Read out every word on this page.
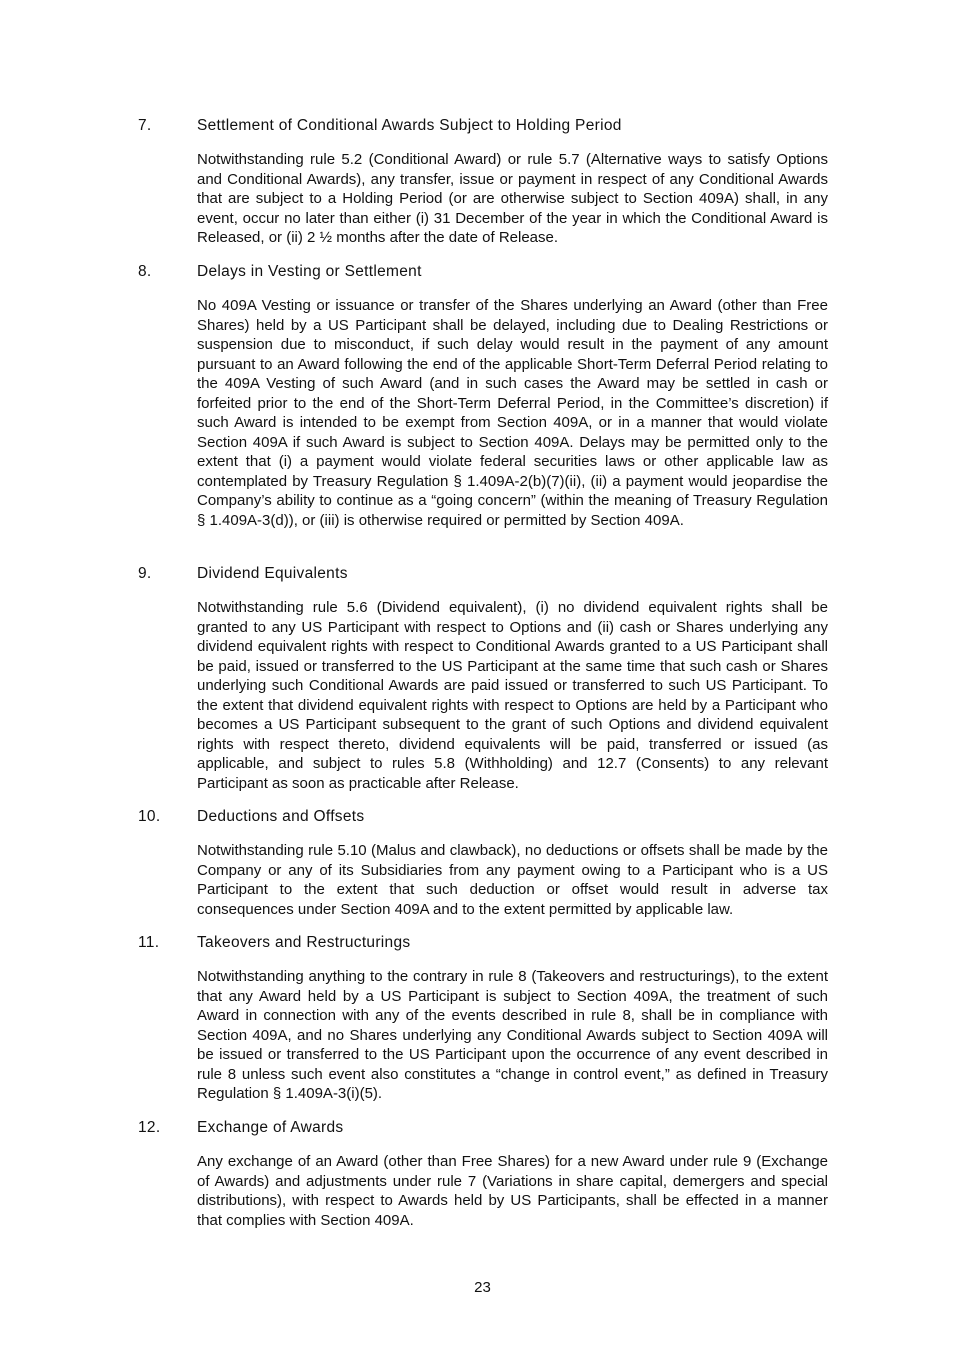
7.	Settlement of Conditional Awards Subject to Holding Period
Notwithstanding rule 5.2 (Conditional Award) or rule 5.7 (Alternative ways to satisfy Options and Conditional Awards), any transfer, issue or payment in respect of any Conditional Awards that are subject to a Holding Period (or are otherwise subject to Section 409A) shall, in any event, occur no later than either (i) 31 December of the year in which the Conditional Award is Released, or (ii) 2 ½ months after the date of Release.
8.	Delays in Vesting or Settlement
No 409A Vesting or issuance or transfer of the Shares underlying an Award (other than Free Shares) held by a US Participant shall be delayed, including due to Dealing Restrictions or suspension due to misconduct, if such delay would result in the payment of any amount pursuant to an Award following the end of the applicable Short-Term Deferral Period relating to the 409A Vesting of such Award (and in such cases the Award may be settled in cash or forfeited prior to the end of the Short-Term Deferral Period, in the Committee’s discretion) if such Award is intended to be exempt from Section 409A, or in a manner that would violate Section 409A if such Award is subject to Section 409A. Delays may be permitted only to the extent that (i) a payment would violate federal securities laws or other applicable law as contemplated by Treasury Regulation § 1.409A-2(b)(7)(ii), (ii) a payment would jeopardise the Company’s ability to continue as a “going concern” (within the meaning of Treasury Regulation § 1.409A-3(d)), or (iii) is otherwise required or permitted by Section 409A.
9.	Dividend Equivalents
Notwithstanding rule 5.6 (Dividend equivalent), (i) no dividend equivalent rights shall be granted to any US Participant with respect to Options and (ii) cash or Shares underlying any dividend equivalent rights with respect to Conditional Awards granted to a US Participant shall be paid, issued or transferred to the US Participant at the same time that such cash or Shares underlying such Conditional Awards are paid issued or transferred to such US Participant. To the extent that dividend equivalent rights with respect to Options are held by a Participant who becomes a US Participant subsequent to the grant of such Options and dividend equivalent rights with respect thereto, dividend equivalents will be paid, transferred or issued (as applicable, and subject to rules 5.8 (Withholding) and 12.7 (Consents) to any relevant Participant as soon as practicable after Release.
10.	Deductions and Offsets
Notwithstanding rule 5.10 (Malus and clawback), no deductions or offsets shall be made by the Company or any of its Subsidiaries from any payment owing to a Participant who is a US Participant to the extent that such deduction or offset would result in adverse tax consequences under Section 409A and to the extent permitted by applicable law.
11.	Takeovers and Restructurings
Notwithstanding anything to the contrary in rule 8 (Takeovers and restructurings), to the extent that any Award held by a US Participant is subject to Section 409A, the treatment of such Award in connection with any of the events described in rule 8, shall be in compliance with Section 409A, and no Shares underlying any Conditional Awards subject to Section 409A will be issued or transferred to the US Participant upon the occurrence of any event described in rule 8 unless such event also constitutes a “change in control event,” as defined in Treasury Regulation § 1.409A-3(i)(5).
12.	Exchange of Awards
Any exchange of an Award (other than Free Shares) for a new Award under rule 9 (Exchange of Awards) and adjustments under rule 7 (Variations in share capital, demergers and special distributions), with respect to Awards held by US Participants, shall be effected in a manner that complies with Section 409A.
23
